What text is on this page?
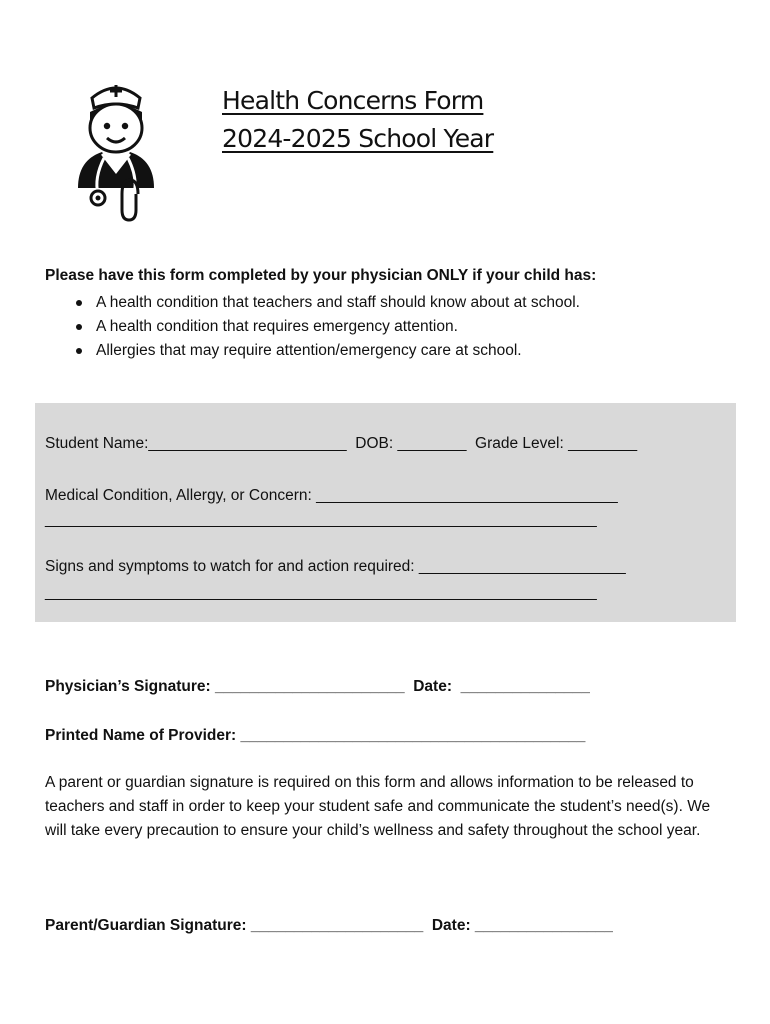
Health Concerns Form
2024-2025 School Year

Please have this form completed by your physician ONLY if your child has:

A health condition that teachers and staff should know about at school.
A health condition that requires emergency attention.
Allergies that may require attention/emergency care at school.
Student Name:_______________________  DOB: ________  Grade Level: ________
Medical Condition, Allergy, or Concern: ___________________________________
________________________________________________________________
Signs and symptoms to watch for and action required: ________________________
________________________________________________________________
Physician’s Signature: ______________________  Date:  _______________
Printed Name of Provider: ________________________________________
A parent or guardian signature is required on this form and allows information to be released to teachers and staff in order to keep your student safe and communicate the student’s need(s). We will take every precaution to ensure your child’s wellness and safety throughout the school year.
Parent/Guardian Signature: ____________________  Date: ________________
